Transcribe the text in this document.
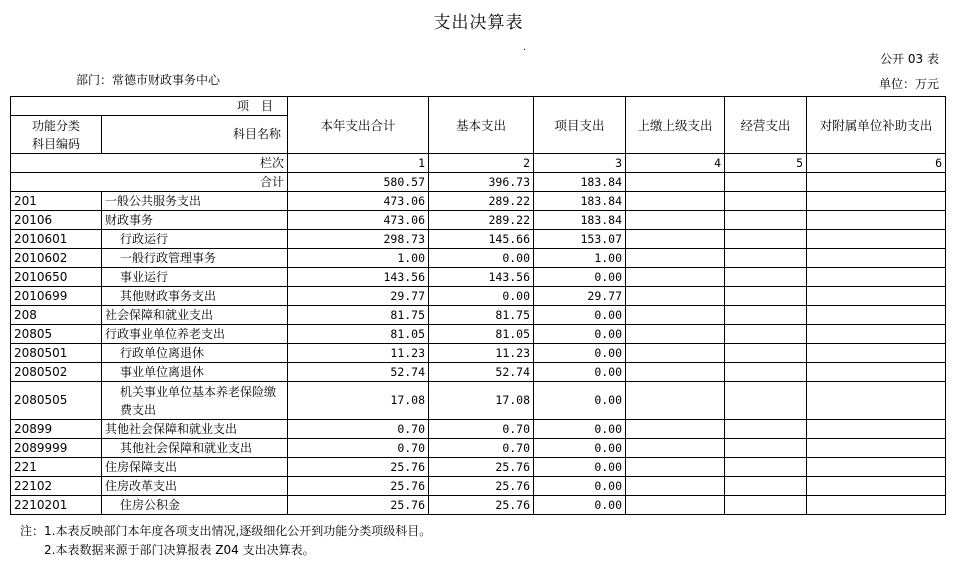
支出决算表
.
公开 03 表
部门：常德市财政事务中心	单位：万元
项　目		本年支出合计	基本支出	项目支出	上缴上级支出	经营支出	对附属单位补助支出
功能分类
科目编码	科目名称						
栏次		1	2	3	4	5	6
合计		580.57	396.73	183.84			
201	一般公共服务支出	473.06	289.22	183.84			
20106	财政事务	473.06	289.22	183.84			
2010601	行政运行	298.73	145.66	153.07			
2010602	一般行政管理事务	1.00	0.00	1.00			
2010650	事业运行	143.56	143.56	0.00			
2010699	其他财政事务支出	29.77	0.00	29.77			
208	社会保障和就业支出	81.75	81.75	0.00			
20805	行政事业单位养老支出	81.05	81.05	0.00			
2080501	行政单位离退休	11.23	11.23	0.00			
2080502	事业单位离退休	52.74	52.74	0.00			
2080505	机关事业单位基本养老保险缴费支出	17.08	17.08	0.00			
20899	其他社会保障和就业支出	0.70	0.70	0.00			
2089999	其他社会保障和就业支出	0.70	0.70	0.00			
221	住房保障支出	25.76	25.76	0.00			
22102	住房改革支出	25.76	25.76	0.00			
2210201	住房公积金	25.76	25.76	0.00			
注：1.本表反映部门本年度各项支出情况,逐级细化公开到功能分类项级科目。
2.本表数据来源于部门决算报表 Z04 支出决算表。
